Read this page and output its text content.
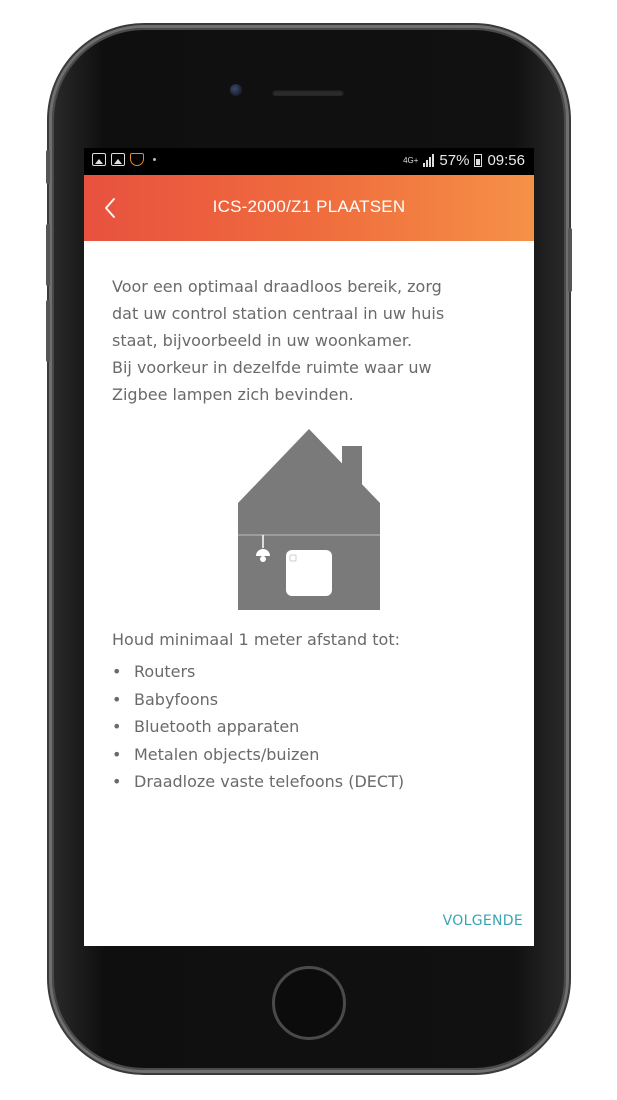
4G+ 57% 09:56
ICS-2000/Z1 PLAATSEN

Voor een optimaal draadloos bereik, zorg
dat uw control station centraal in uw huis
staat, bijvoorbeeld in uw woonkamer.
Bij voorkeur in dezelfde ruimte waar uw
Zigbee lampen zich bevinden.

Houd minimaal 1 meter afstand tot:
• Routers
• Babyfoons
• Bluetooth apparaten
• Metalen objects/buizen
• Draadloze vaste telefoons (DECT)
VOLGENDE
